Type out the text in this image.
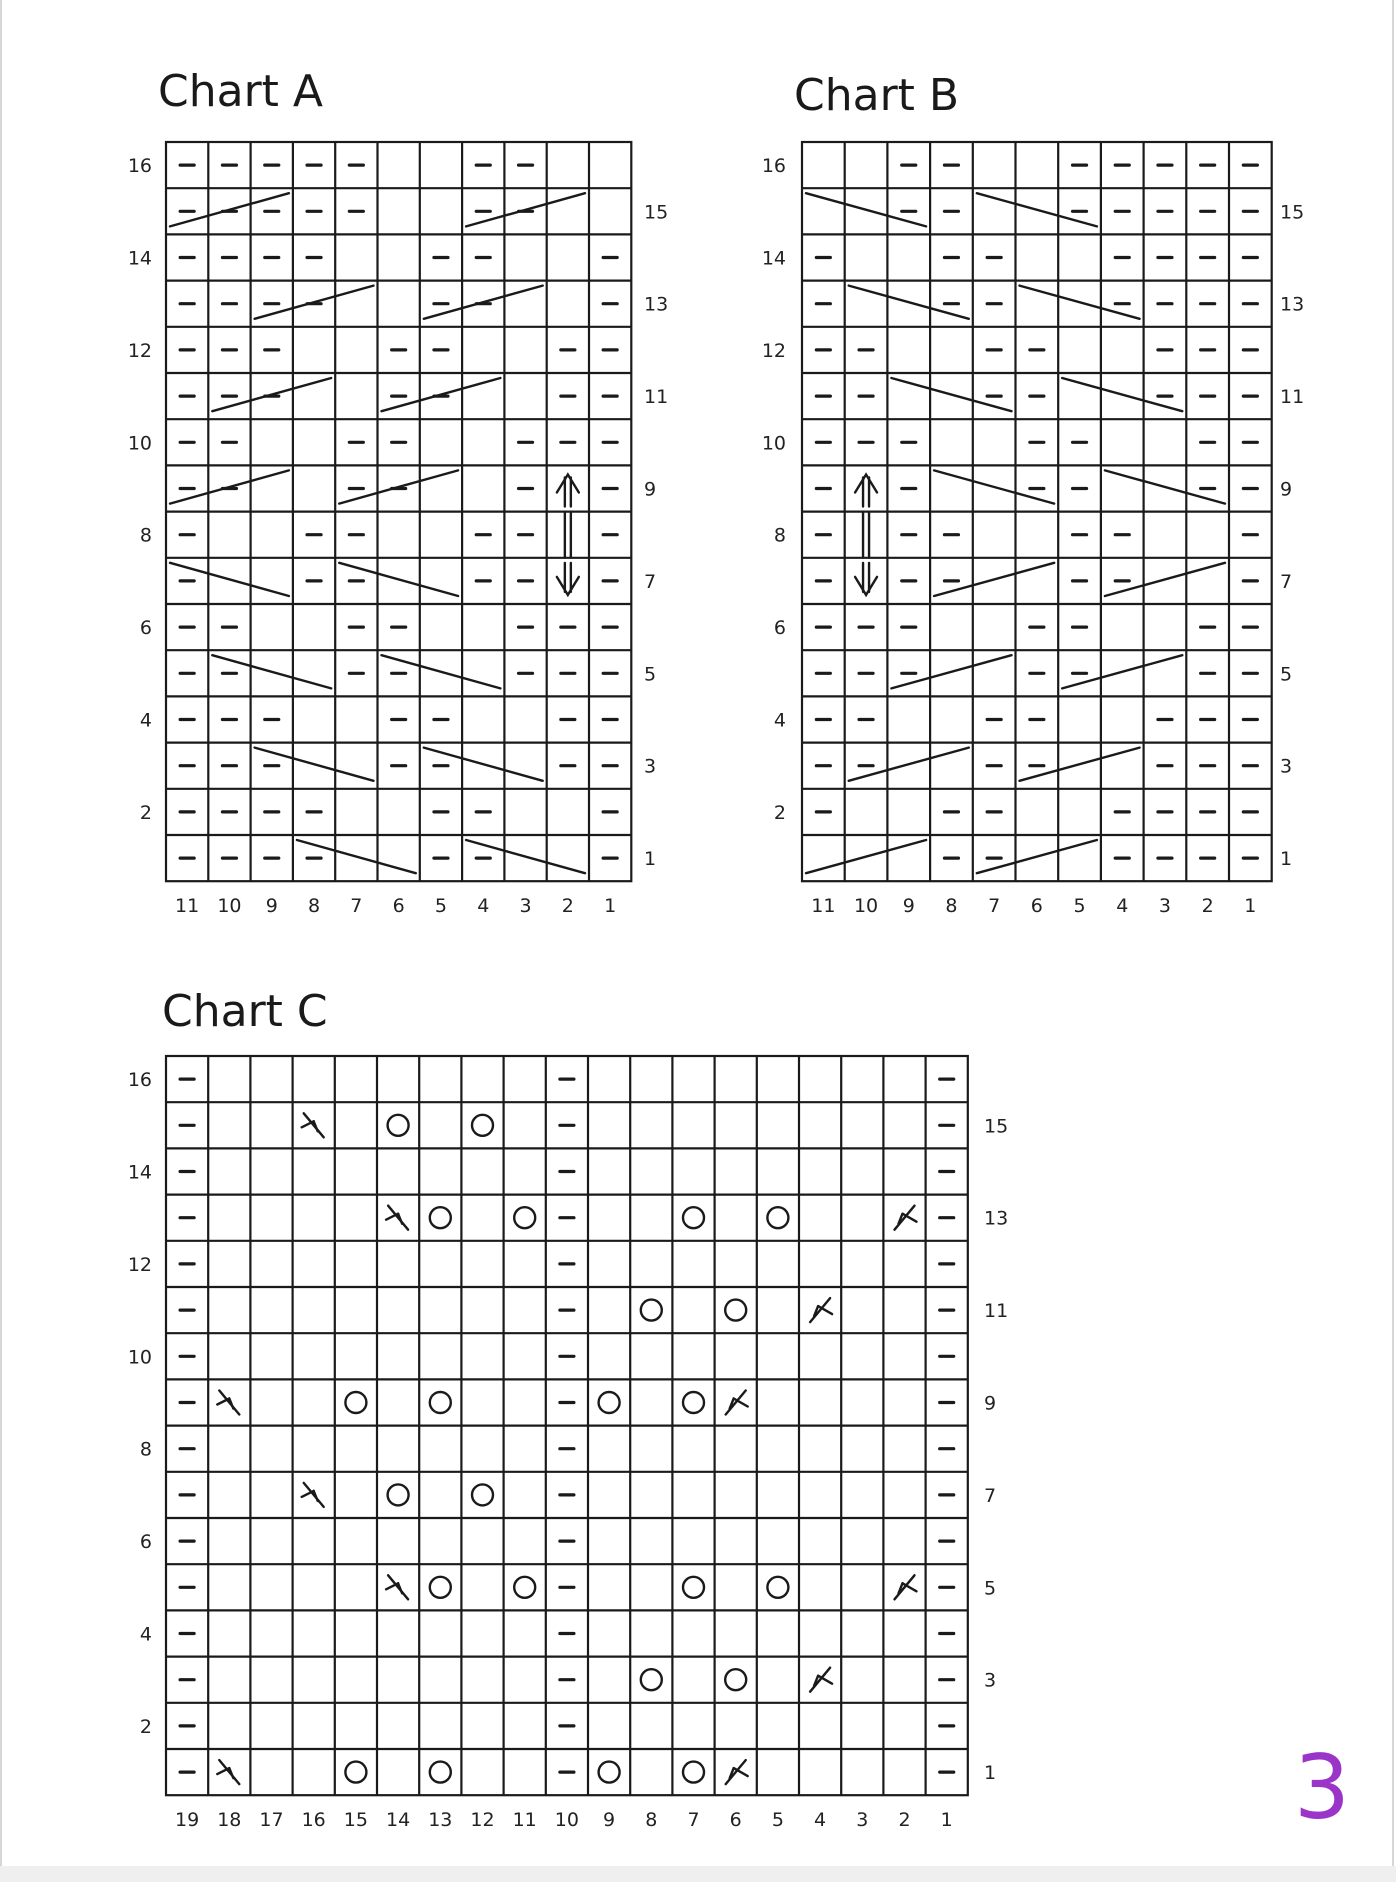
Chart A
16
14
12
10
8
6
4
2
15
13
11
9
7
5
3
1
11 10 9 8 7 6 5 4 3 2 1
Chart B
16
14
12
10
8
6
4
2
15
13
11
9
7
5
3
1
11 10 9 8 7 6 5 4 3 2 1
Chart C
16
14
12
10
8
6
4
2
15
13
11
9
7
5
3
1
19 18 17 16 15 14 13 12 11 10 9 8 7 6 5 4 3 2 1	3
